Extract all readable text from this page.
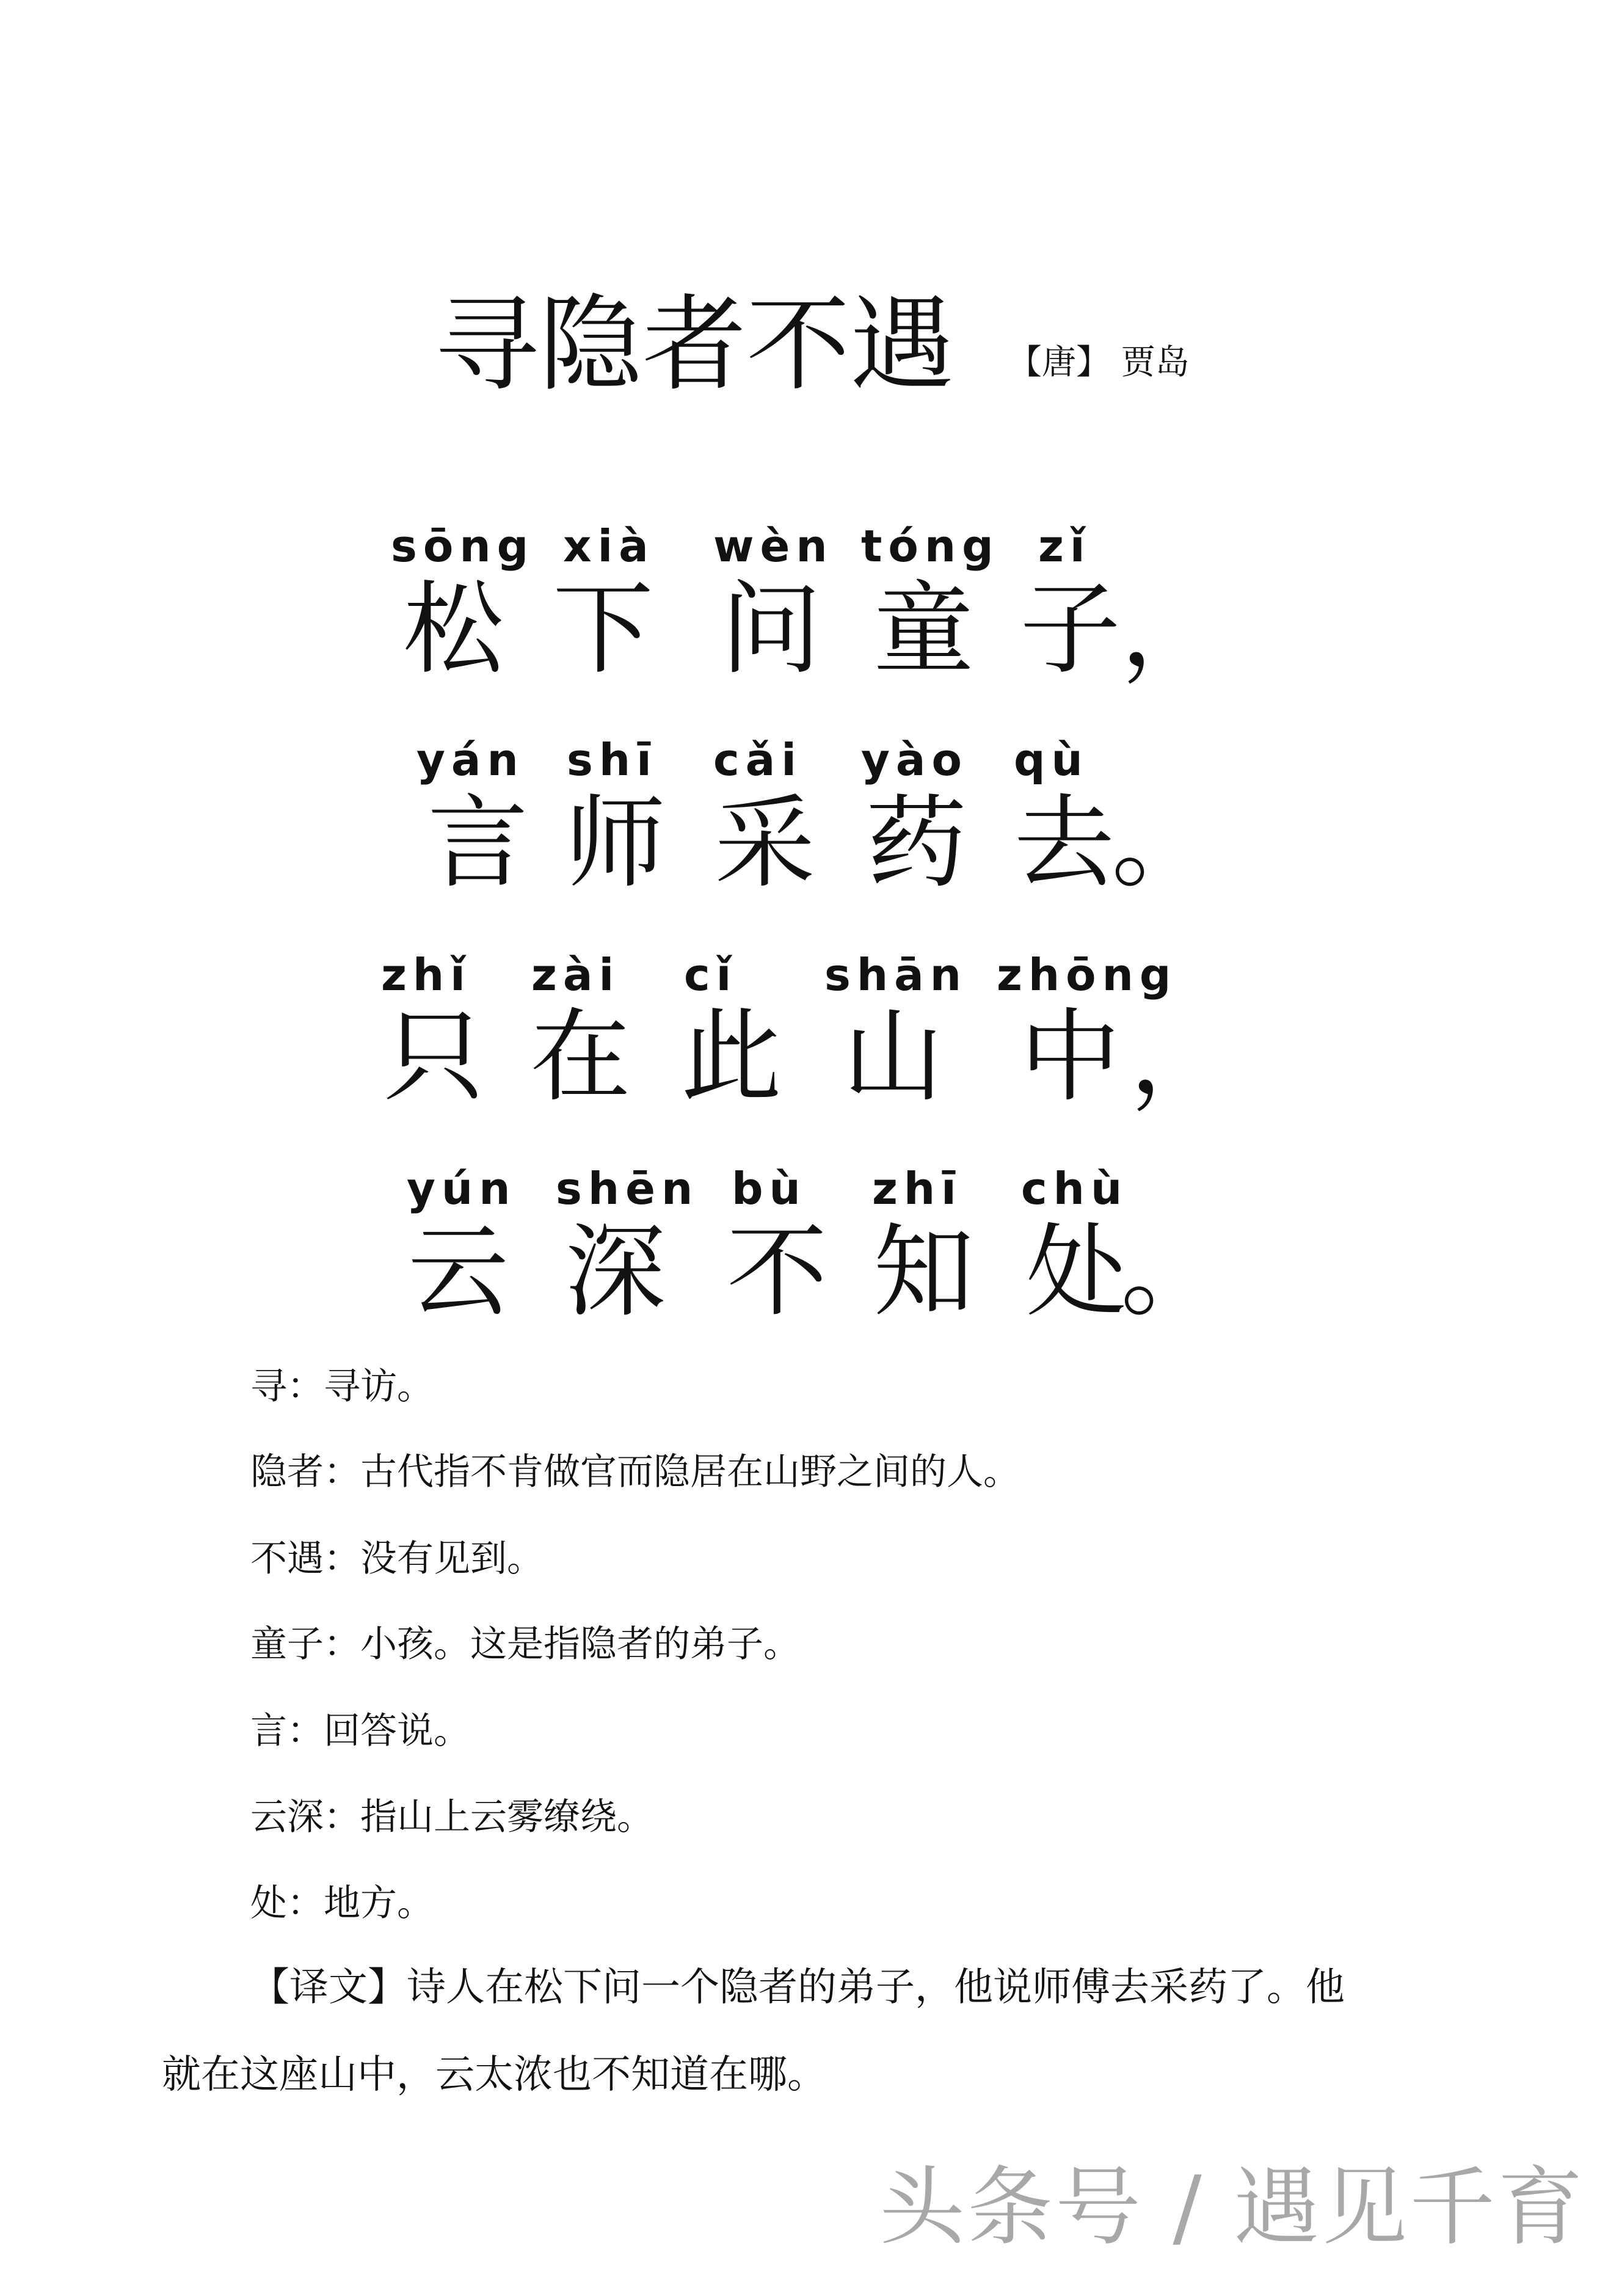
寻隐者不遇 【唐】 贾岛
sōng xià wèn tóng zǐ
松 下 问 童 子 ，
yán shī cǎi yào qù
言 师 采 药 去
。
zhǐ zài cǐ shān zhōng
只 在 此 山 中 ，
yún shēn bù zhī chù
云 深 不 知 处
。
寻：寻访。
隐者：古代指不肯做官而隐居在山野之间的人。
不遇：没有见到。
童子：小孩。这是指隐者的弟子。
言：回答说。
云深：指山上云雾缭绕。
处：地方。
【译文】诗人在松下问一个隐者的弟子，他说师傅去采药了。他
就在这座山中，云太浓也不知道在哪。
头条号 / 遇见千育
